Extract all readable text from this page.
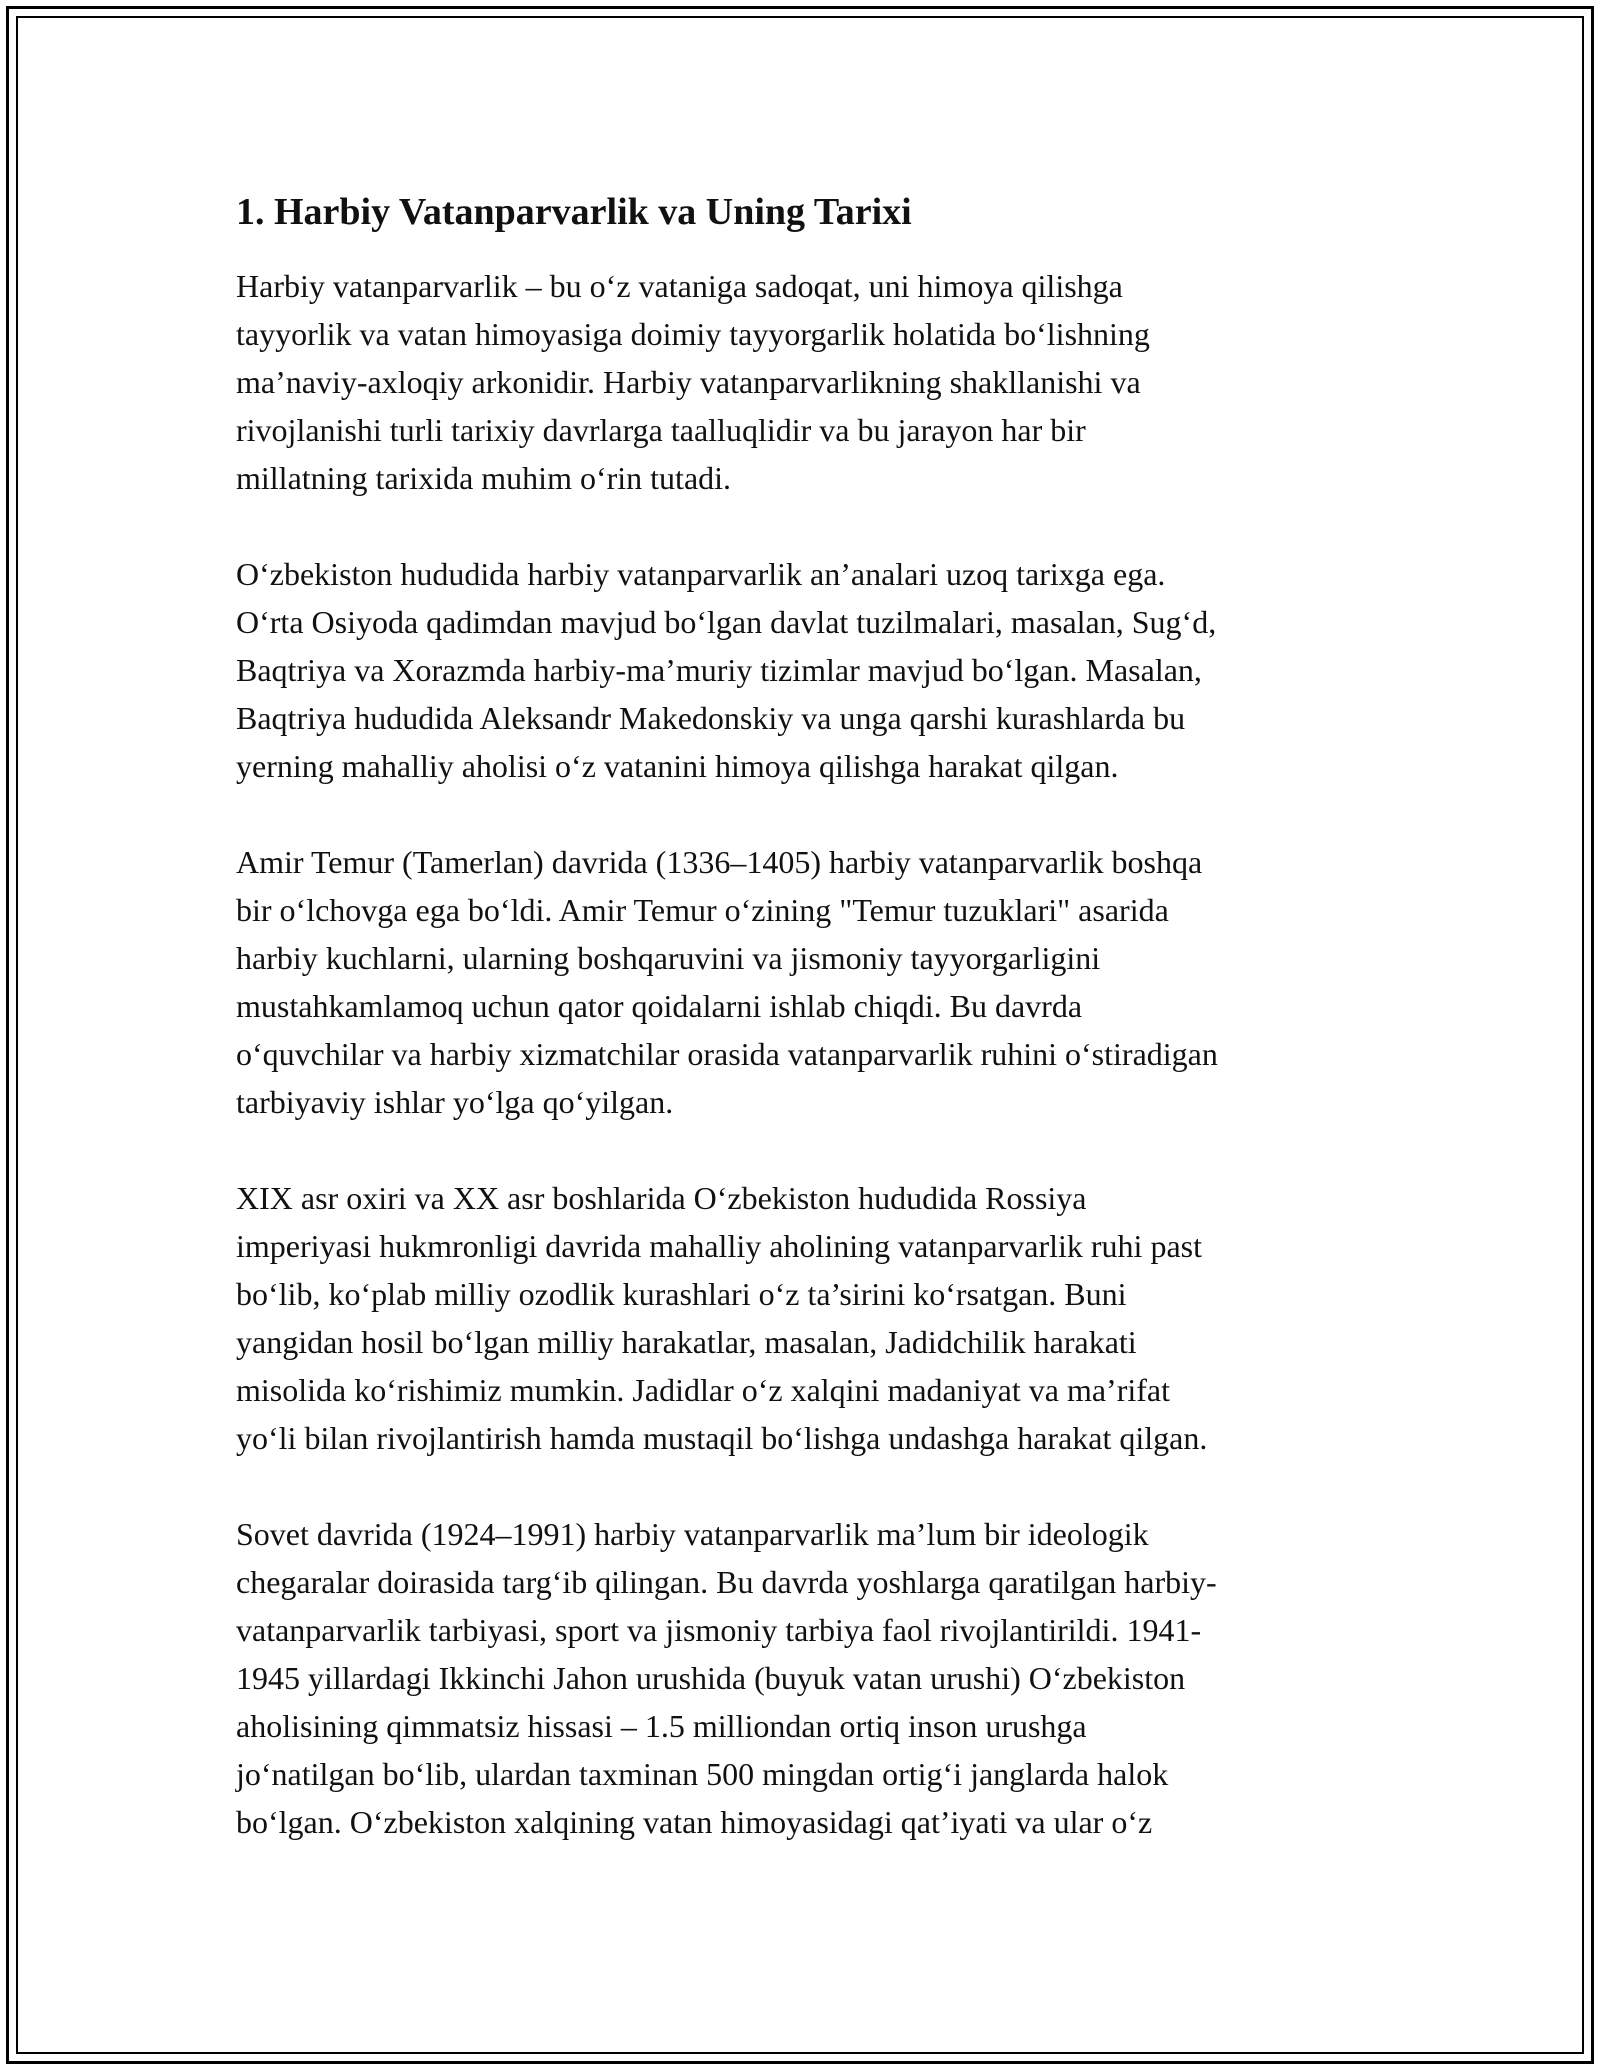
1. Harbiy Vatanparvarlik va Uning Tarixi

Harbiy vatanparvarlik – bu o‘z vataniga sadoqat, uni himoya qilishga
tayyorlik va vatan himoyasiga doimiy tayyorgarlik holatida bo‘lishning
ma’naviy-axloqiy arkonidir. Harbiy vatanparvarlikning shakllanishi va
rivojlanishi turli tarixiy davrlarga taalluqlidir va bu jarayon har bir
millatning tarixida muhim o‘rin tutadi.

O‘zbekiston hududida harbiy vatanparvarlik an’analari uzoq tarixga ega.
O‘rta Osiyoda qadimdan mavjud bo‘lgan davlat tuzilmalari, masalan, Sug‘d,
Baqtriya va Xorazmda harbiy-ma’muriy tizimlar mavjud bo‘lgan. Masalan,
Baqtriya hududida Aleksandr Makedonskiy va unga qarshi kurashlarda bu
yerning mahalliy aholisi o‘z vatanini himoya qilishga harakat qilgan.

Amir Temur (Tamerlan) davrida (1336–1405) harbiy vatanparvarlik boshqa
bir o‘lchovga ega bo‘ldi. Amir Temur o‘zining "Temur tuzuklari" asarida
harbiy kuchlarni, ularning boshqaruvini va jismoniy tayyorgarligini
mustahkamlamoq uchun qator qoidalarni ishlab chiqdi. Bu davrda
o‘quvchilar va harbiy xizmatchilar orasida vatanparvarlik ruhini o‘stiradigan
tarbiyaviy ishlar yo‘lga qo‘yilgan.

XIX asr oxiri va XX asr boshlarida O‘zbekiston hududida Rossiya
imperiyasi hukmronligi davrida mahalliy aholining vatanparvarlik ruhi past
bo‘lib, ko‘plab milliy ozodlik kurashlari o‘z ta’sirini ko‘rsatgan. Buni
yangidan hosil bo‘lgan milliy harakatlar, masalan, Jadidchilik harakati
misolida ko‘rishimiz mumkin. Jadidlar o‘z xalqini madaniyat va ma’rifat
yo‘li bilan rivojlantirish hamda mustaqil bo‘lishga undashga harakat qilgan.

Sovet davrida (1924–1991) harbiy vatanparvarlik ma’lum bir ideologik
chegaralar doirasida targ‘ib qilingan. Bu davrda yoshlarga qaratilgan harbiy-
vatanparvarlik tarbiyasi, sport va jismoniy tarbiya faol rivojlantirildi. 1941-
1945 yillardagi Ikkinchi Jahon urushida (buyuk vatan urushi) O‘zbekiston
aholisining qimmatsiz hissasi – 1.5 milliondan ortiq inson urushga
jo‘natilgan bo‘lib, ulardan taxminan 500 mingdan ortig‘i janglarda halok
bo‘lgan. O‘zbekiston xalqining vatan himoyasidagi qat’iyati va ular o‘z
